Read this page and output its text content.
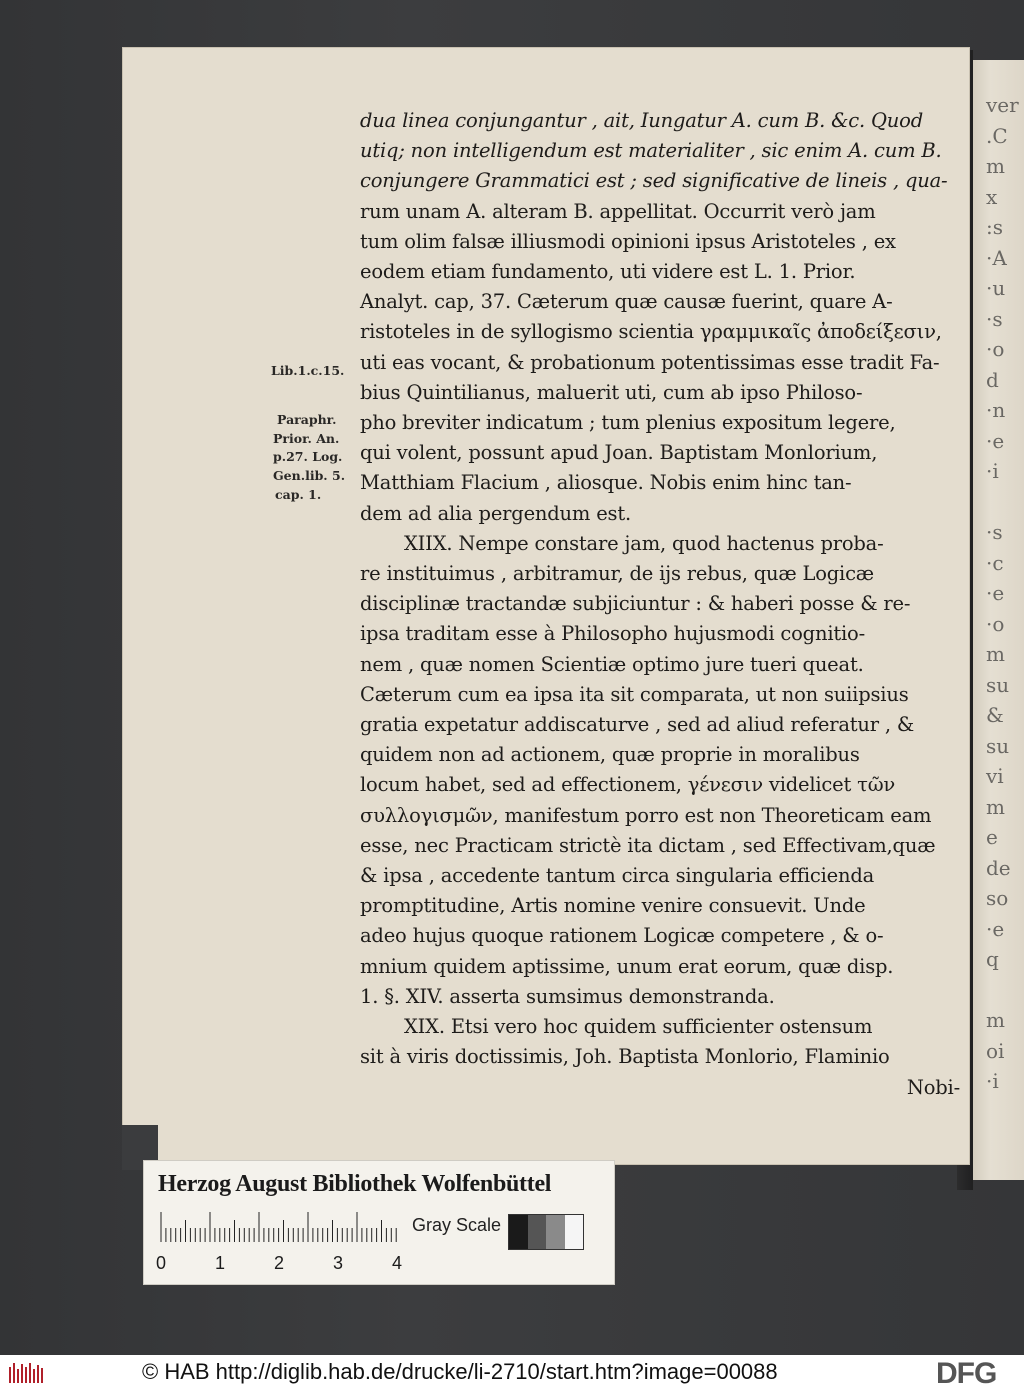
ver
.C
m
x
:s
·A
·u
·s
·o
d
·n
·e
·i

·s
·c
·e
·o
m
su
&
su
vi
m
e
de
so
·e
q

m
oi
·i
Lib.1.c.15.
Paraphr.
Prior. An.
p.27. Log.
Gen.lib. 5.
cap. 1.
dua linea conjungantur , ait, Iungatur A. cum B. &c. Quod
utiq; non intelligendum est materialiter , sic enim A. cum B.
conjungere Grammatici est ; sed significative de lineis , qua-
rum unam A. alteram B. appellitat. Occurrit verò jam
tum olim falsæ illiusmodi opinioni ipsus Aristoteles , ex
eodem etiam fundamento, uti videre est L. 1. Prior.
Analyt. cap, 37. Cæterum quæ causæ fuerint, quare A-
ristoteles in de syllogismo scientia γραμμικαῖς ἀποδείξεσιν,
uti eas vocant, & probationum potentissimas esse tradit Fa-
bius Quintilianus, maluerit uti, cum ab ipso Philoso-
pho breviter indicatum ; tum plenius expositum legere,
qui volent, possunt apud Joan. Baptistam Monlorium,
Matthiam Flacium , aliosque. Nobis enim hinc tan-
dem ad alia pergendum est.
XIIX. Nempe constare jam, quod hactenus proba-
re instituimus , arbitramur, de ijs rebus, quæ Logicæ
disciplinæ tractandæ subjiciuntur : & haberi posse & re-
ipsa traditam esse à Philosopho hujusmodi cognitio-
nem , quæ nomen Scientiæ optimo jure tueri queat.
Cæterum cum ea ipsa ita sit comparata, ut non suiipsius
gratia expetatur addiscaturve , sed ad aliud referatur , &
quidem non ad actionem, quæ proprie in moralibus
locum habet, sed ad effectionem, γένεσιν videlicet τῶν
συλλογισμῶν, manifestum porro est non Theoreticam eam
esse, nec Practicam strictè ita dictam , sed Effectivam,quæ
& ipsa , accedente tantum circa singularia efficienda
promptitudine, Artis nomine venire consuevit. Unde
adeo hujus quoque rationem Logicæ competere , & o-
mnium quidem aptissime, unum erat eorum, quæ disp.
1. §. XIV. asserta sumsimus demonstranda.
XIX. Etsi vero hoc quidem sufficienter ostensum
sit à viris doctissimis, Joh. Baptista Monlorio, Flaminio
Nobi-
Herzog August Bibliothek Wolfenbüttel
Gray Scale
0	1	2	3	4
© HAB http://diglib.hab.de/drucke/li-2710/start.htm?image=00088	DFG
